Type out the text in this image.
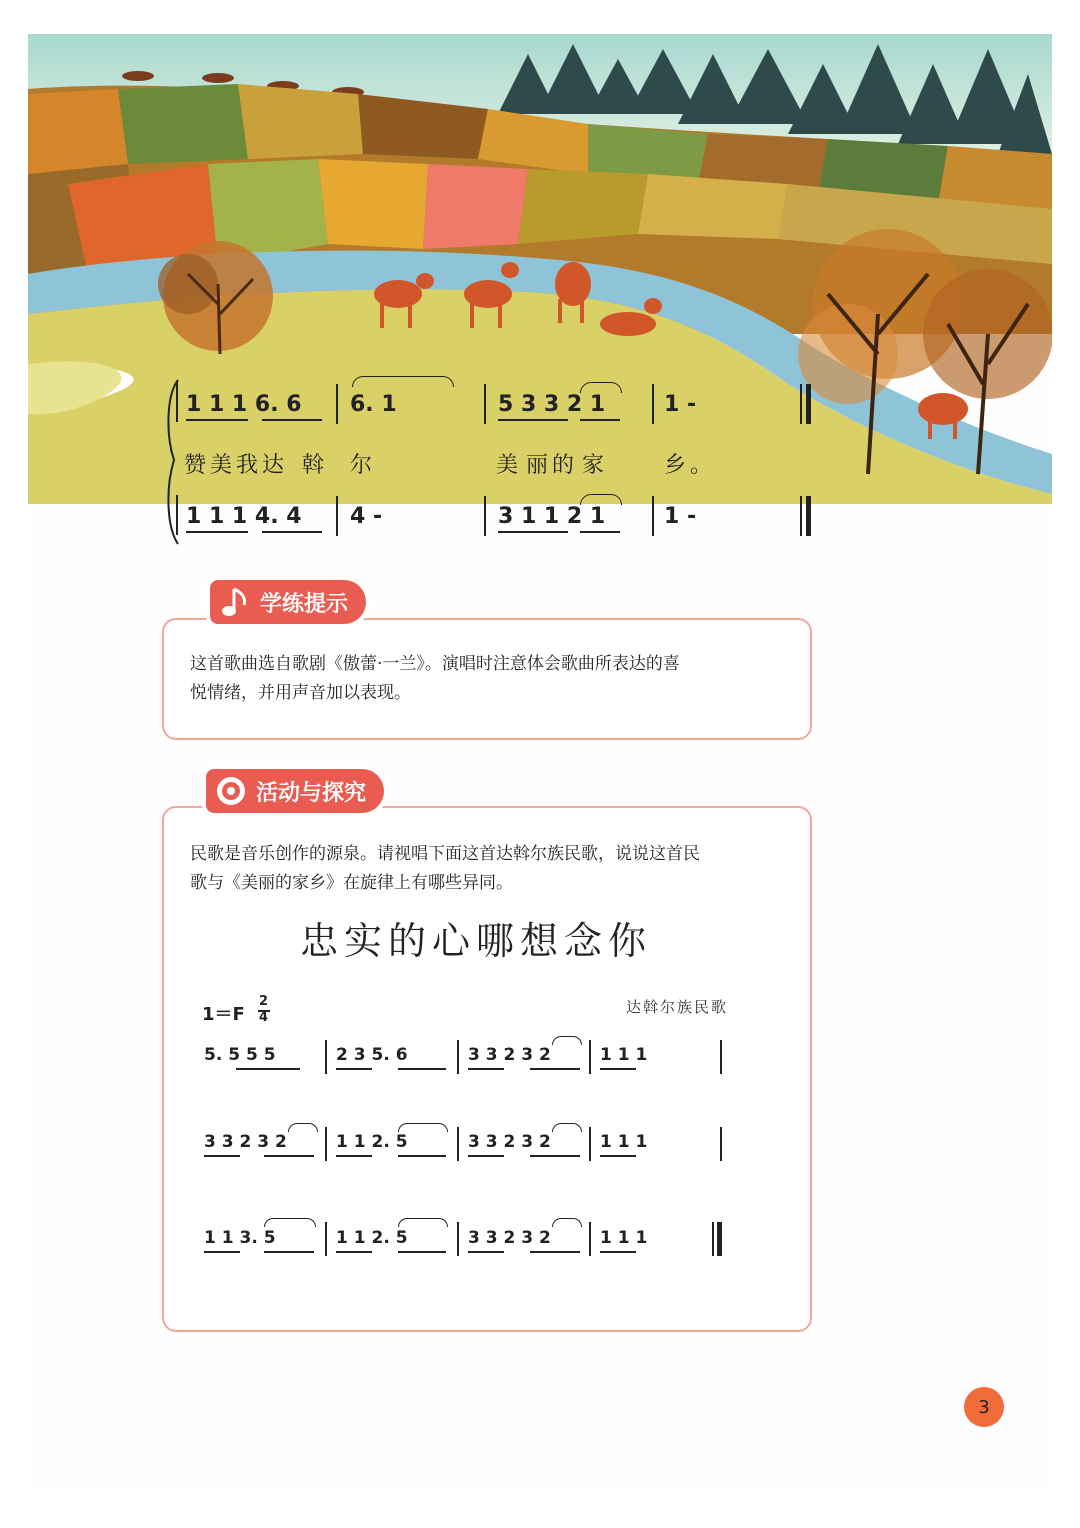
1 1 1 6. 6 6. 1	5 3 3 2 1	1 -
赞美我达 斡 尔	美 丽的 家	乡。
1 1 1 4. 4 4 -	3 1 1 2 1	1 -
学练提示
这首歌曲选自歌剧《傲蕾·一兰》。演唱时注意体会歌曲所表达的喜
悦情绪，并用声音加以表现。
活动与探究
民歌是音乐创作的源泉。请视唱下面这首达斡尔族民歌，说说这首民
歌与《美丽的家乡》在旋律上有哪些异同。
忠实的心哪想念你
1＝F
2
4
达斡尔族民歌
5. 5 5 5	2 3 5. 6	3 3 2 3 2	1 1 1
3 3 2 3 2	1 1 2. 5	3 3 2 3 2	1 1 1
1 1 3. 5	1 1 2. 5	3 3 2 3 2	1 1 1
3
